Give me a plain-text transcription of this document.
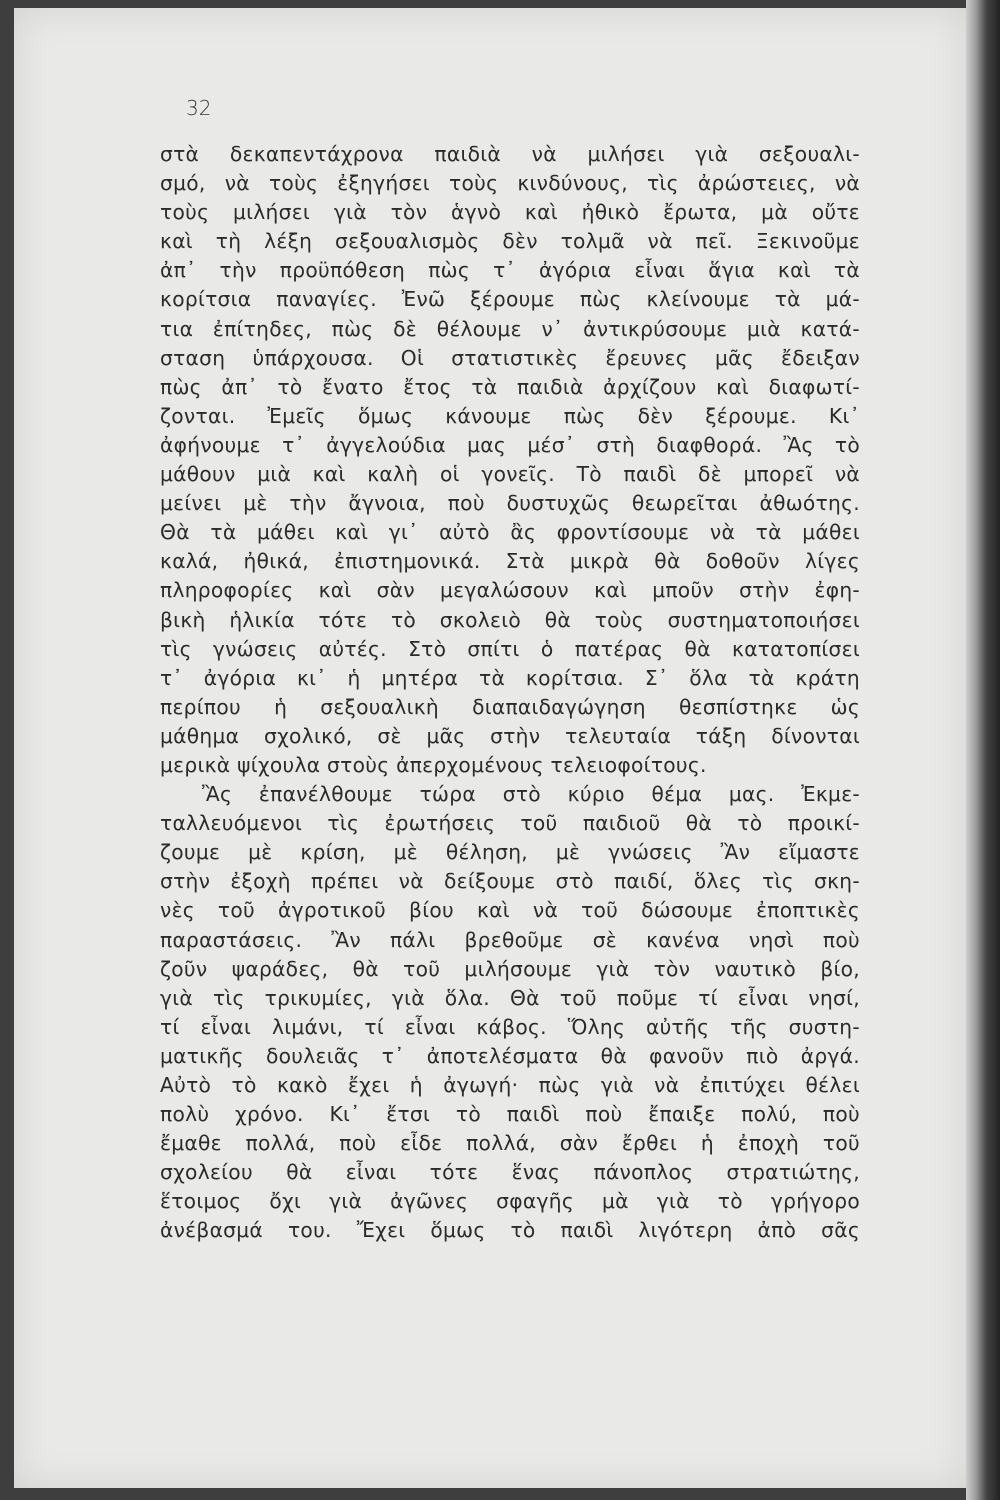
32
στὰ δεκαπεντάχρονα παιδιὰ νὰ μιλήσει γιὰ σεξουαλι-
σμό, νὰ τοὺς ἐξηγήσει τοὺς κινδύνους, τὶς ἀρώστειες, νὰ
τοὺς μιλήσει γιὰ τὸν ἁγνὸ καὶ ἠθικὸ ἔρωτα, μὰ οὔτε
καὶ τὴ λέξη σεξουαλισμὸς δὲν τολμᾶ νὰ πεῖ. Ξεκινοῦμε
ἀπ᾽ τὴν προϋπόθεση πὼς τ᾽ ἀγόρια εἶναι ἅγια καὶ τὰ
κορίτσια παναγίες. Ἐνῶ ξέρουμε πὼς κλείνουμε τὰ μά-
τια ἐπίτηδες, πὼς δὲ θέλουμε ν᾽ ἀντικρύσουμε μιὰ κατά-
σταση ὑπάρχουσα. Οἱ στατιστικὲς ἔρευνες μᾶς ἔδειξαν
πὼς ἀπ᾽ τὸ ἔνατο ἔτος τὰ παιδιὰ ἀρχίζουν καὶ διαφωτί-
ζονται. Ἐμεῖς ὅμως κάνουμε πὼς δὲν ξέρουμε. Κι᾽
ἀφήνουμε τ᾽ ἀγγελούδια μας μέσ᾽ στὴ διαφθορά. Ἂς τὸ
μάθουν μιὰ καὶ καλὴ οἱ γονεῖς. Τὸ παιδὶ δὲ μπορεῖ νὰ
μείνει μὲ τὴν ἄγνοια, ποὺ δυστυχῶς θεωρεῖται ἀθωότης.
Θὰ τὰ μάθει καὶ γι᾽ αὐτὸ ἂς φροντίσουμε νὰ τὰ μάθει
καλά, ἠθικά, ἐπιστημονικά. Στὰ μικρὰ θὰ δοθοῦν λίγες
πληροφορίες καὶ σὰν μεγαλώσουν καὶ μποῦν στὴν ἐφη-
βικὴ ἡλικία τότε τὸ σκολειὸ θὰ τοὺς συστηματοποιήσει
τὶς γνώσεις αὐτές. Στὸ σπίτι ὁ πατέρας θὰ κατατοπίσει
τ᾽ ἀγόρια κι᾽ ἡ μητέρα τὰ κορίτσια. Σ᾽ ὅλα τὰ κράτη
περίπου ἡ σεξουαλικὴ διαπαιδαγώγηση θεσπίστηκε ὡς
μάθημα σχολικό, σὲ μᾶς στὴν τελευταία τάξη δίνονται
μερικὰ ψίχουλα στοὺς ἀπερχομένους τελειοφοίτους.
Ἂς ἐπανέλθουμε τώρα στὸ κύριο θέμα μας. Ἐκμε-
ταλλευόμενοι τὶς ἐρωτήσεις τοῦ παιδιοῦ θὰ τὸ προικί-
ζουμε μὲ κρίση, μὲ θέληση, μὲ γνώσεις Ἂν εἴμαστε
στὴν ἐξοχὴ πρέπει νὰ δείξουμε στὸ παιδί, ὅλες τὶς σκη-
νὲς τοῦ ἀγροτικοῦ βίου καὶ νὰ τοῦ δώσουμε ἐποπτικὲς
παραστάσεις. Ἂν πάλι βρεθοῦμε σὲ κανένα νησὶ ποὺ
ζοῦν ψαράδες, θὰ τοῦ μιλήσουμε γιὰ τὸν ναυτικὸ βίο,
γιὰ τὶς τρικυμίες, γιὰ ὅλα. Θὰ τοῦ ποῦμε τί εἶναι νησί,
τί εἶναι λιμάνι, τί εἶναι κάβος. Ὅλης αὐτῆς τῆς συστη-
ματικῆς δουλειᾶς τ᾽ ἀποτελέσματα θὰ φανοῦν πιὸ ἀργά.
Αὐτὸ τὸ κακὸ ἔχει ἡ ἀγωγή· πὼς γιὰ νὰ ἐπιτύχει θέλει
πολὺ χρόνο. Κι᾽ ἔτσι τὸ παιδὶ ποὺ ἔπαιξε πολύ, ποὺ
ἔμαθε πολλά, ποὺ εἶδε πολλά, σὰν ἔρθει ἡ ἐποχὴ τοῦ
σχολείου θὰ εἶναι τότε ἕνας πάνοπλος στρατιώτης,
ἕτοιμος ὄχι γιὰ ἀγῶνες σφαγῆς μὰ γιὰ τὸ γρήγορο
ἀνέβασμά του. Ἔχει ὅμως τὸ παιδὶ λιγότερη ἀπὸ σᾶς
